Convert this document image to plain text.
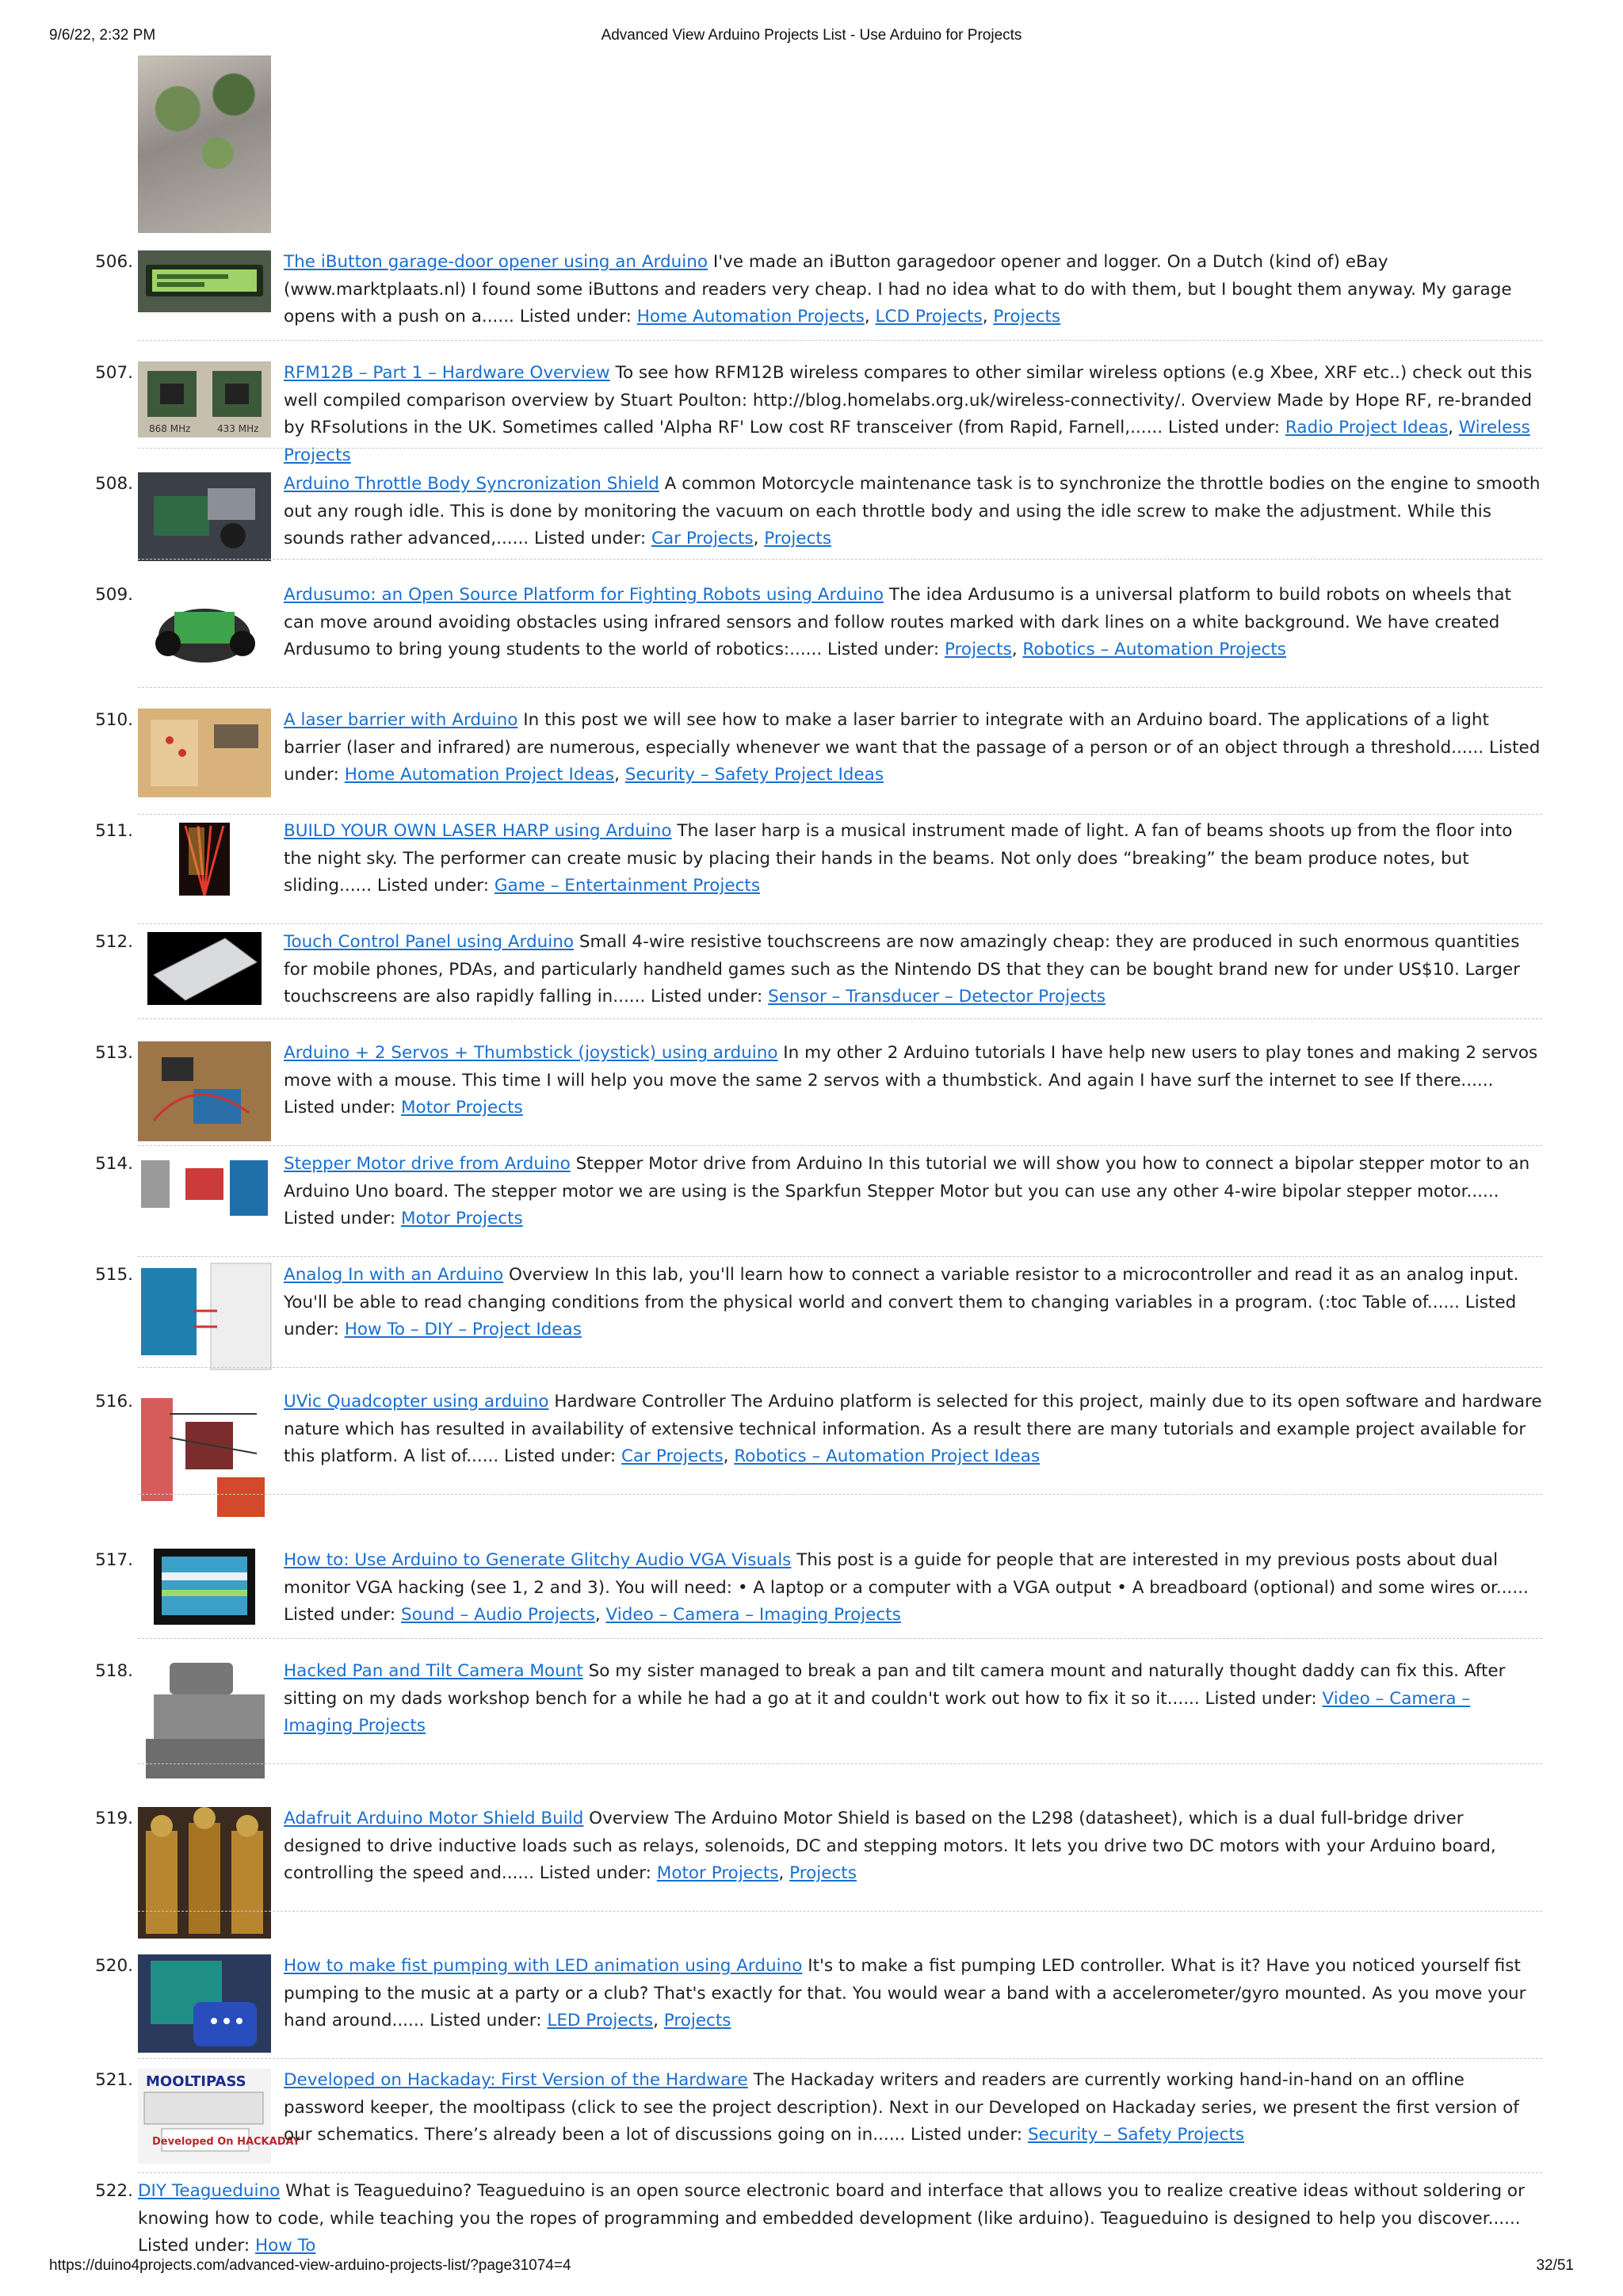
9/6/22, 2:32 PM	Advanced View Arduino Projects List - Use Arduino for Projects
506.	The iButton garage-door opener using an Arduino I've made an iButton garagedoor opener and logger. On a Dutch (kind of) eBay (www.marktplaats.nl) I found some iButtons and readers very cheap. I had no idea what to do with them, but I bought them anyway. My garage opens with a push on a...... Listed under: Home Automation Projects, LCD Projects, Projects
507.
868 MHz	433 MHz
RFM12B – Part 1 – Hardware Overview To see how RFM12B wireless compares to other similar wireless options (e.g Xbee, XRF etc..) check out this well compiled comparison overview by Stuart Poulton: http://blog.homelabs.org.uk/wireless-connectivity/. Overview Made by Hope RF, re-branded by RFsolutions in the UK. Sometimes called 'Alpha RF' Low cost RF transceiver (from Rapid, Farnell,...... Listed under: Radio Project Ideas, Wireless Projects
508.	Arduino Throttle Body Syncronization Shield A common Motorcycle maintenance task is to synchronize the throttle bodies on the engine to smooth out any rough idle. This is done by monitoring the vacuum on each throttle body and using the idle screw to make the adjustment. While this sounds rather advanced,...... Listed under: Car Projects, Projects
509.	Ardusumo: an Open Source Platform for Fighting Robots using Arduino The idea Ardusumo is a universal platform to build robots on wheels that can move around avoiding obstacles using infrared sensors and follow routes marked with dark lines on a white background. We have created Ardusumo to bring young students to the world of robotics:...... Listed under: Projects, Robotics – Automation Projects
510.	A laser barrier with Arduino In this post we will see how to make a laser barrier to integrate with an Arduino board. The applications of a light barrier (laser and infrared) are numerous, especially whenever we want that the passage of a person or of an object through a threshold...... Listed under: Home Automation Project Ideas, Security – Safety Project Ideas
511.	BUILD YOUR OWN LASER HARP using Arduino The laser harp is a musical instrument made of light. A fan of beams shoots up from the floor into the night sky. The performer can create music by placing their hands in the beams. Not only does “breaking” the beam produce notes, but sliding...... Listed under: Game – Entertainment Projects
512.	Touch Control Panel using Arduino Small 4-wire resistive touchscreens are now amazingly cheap: they are produced in such enormous quantities for mobile phones, PDAs, and particularly handheld games such as the Nintendo DS that they can be bought brand new for under US$10. Larger touchscreens are also rapidly falling in...... Listed under: Sensor – Transducer – Detector Projects
513.	Arduino + 2 Servos + Thumbstick (joystick) using arduino In my other 2 Arduino tutorials I have help new users to play tones and making 2 servos move with a mouse. This time I will help you move the same 2 servos with a thumbstick. And again I have surf the internet to see If there...... Listed under: Motor Projects
514.	Stepper Motor drive from Arduino Stepper Motor drive from Arduino In this tutorial we will show you how to connect a bipolar stepper motor to an Arduino Uno board. The stepper motor we are using is the Sparkfun Stepper Motor but you can use any other 4-wire bipolar stepper motor...... Listed under: Motor Projects
515.	Analog In with an Arduino Overview In this lab, you'll learn how to connect a variable resistor to a microcontroller and read it as an analog input. You'll be able to read changing conditions from the physical world and convert them to changing variables in a program. (:toc Table of...... Listed under: How To – DIY – Project Ideas
516.	UVic Quadcopter using arduino Hardware Controller The Arduino platform is selected for this project, mainly due to its open software and hardware nature which has resulted in availability of extensive technical information. As a result there are many tutorials and example project available for this platform. A list of...... Listed under: Car Projects, Robotics – Automation Project Ideas
517.	How to: Use Arduino to Generate Glitchy Audio VGA Visuals This post is a guide for people that are interested in my previous posts about dual monitor VGA hacking (see 1, 2 and 3). You will need: • A laptop or a computer with a VGA output • A breadboard (optional) and some wires or...... Listed under: Sound – Audio Projects, Video – Camera – Imaging Projects
518.	Hacked Pan and Tilt Camera Mount So my sister managed to break a pan and tilt camera mount and naturally thought daddy can fix this. After sitting on my dads workshop bench for a while he had a go at it and couldn't work out how to fix it so it...... Listed under: Video – Camera – Imaging Projects
519.	Adafruit Arduino Motor Shield Build Overview The Arduino Motor Shield is based on the L298 (datasheet), which is a dual full-bridge driver designed to drive inductive loads such as relays, solenoids, DC and stepping motors. It lets you drive two DC motors with your Arduino board, controlling the speed and...... Listed under: Motor Projects, Projects
520.	How to make fist pumping with LED animation using Arduino It's to make a fist pumping LED controller. What is it? Have you noticed yourself fist pumping to the music at a party or a club? That's exactly for that. You would wear a band with a accelerometer/gyro mounted. As you move your hand around...... Listed under: LED Projects, Projects
521. MOOLTIPASS
Developed On HACKADAY
Developed on Hackaday: First Version of the Hardware The Hackaday writers and readers are currently working hand-in-hand on an offline password keeper, the mooltipass (click to see the project description). Next in our Developed on Hackaday series, we present the first version of our schematics. There’s already been a lot of discussions going on in...... Listed under: Security – Safety Projects
522. DIY Teagueduino What is Teagueduino? Teagueduino is an open source electronic board and interface that allows you to realize creative ideas without soldering or knowing how to code, while teaching you the ropes of programming and embedded development (like arduino). Teagueduino is designed to help you discover...... Listed under: How To
https://duino4projects.com/advanced-view-arduino-projects-list/?page31074=4	32/51
